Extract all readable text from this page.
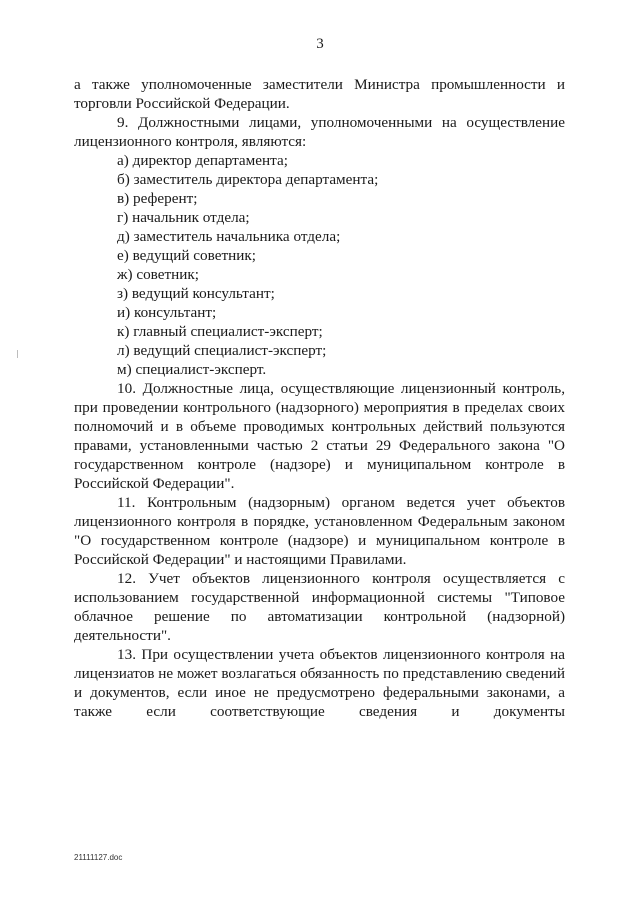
3

а также уполномоченные заместители Министра промышленности и торговли Российской Федерации.

9. Должностными лицами, уполномоченными на осуществление лицензионного контроля, являются:

а) директор департамента;

б) заместитель директора департамента;

в) референт;

г) начальник отдела;

д) заместитель начальника отдела;

е) ведущий советник;

ж) советник;

з) ведущий консультант;

и) консультант;

к) главный специалист-эксперт;

л) ведущий специалист-эксперт;

м) специалист-эксперт.

10. Должностные лица, осуществляющие лицензионный контроль, при проведении контрольного (надзорного) мероприятия в пределах своих полномочий и в объеме проводимых контрольных действий пользуются правами, установленными частью 2 статьи 29 Федерального закона "О государственном контроле (надзоре) и муниципальном контроле в Российской Федерации".

11. Контрольным (надзорным) органом ведется учет объектов лицензионного контроля в порядке, установленном Федеральным законом "О государственном контроле (надзоре) и муниципальном контроле в Российской Федерации" и настоящими Правилами.

12. Учет объектов лицензионного контроля осуществляется с использованием государственной информационной системы "Типовое облачное решение по автоматизации контрольной (надзорной) деятельности".

13. При осуществлении учета объектов лицензионного контроля на лицензиатов не может возлагаться обязанность по представлению сведений и документов, если иное не предусмотрено федеральными законами, а также если соответствующие сведения и документы

21111127.doc
